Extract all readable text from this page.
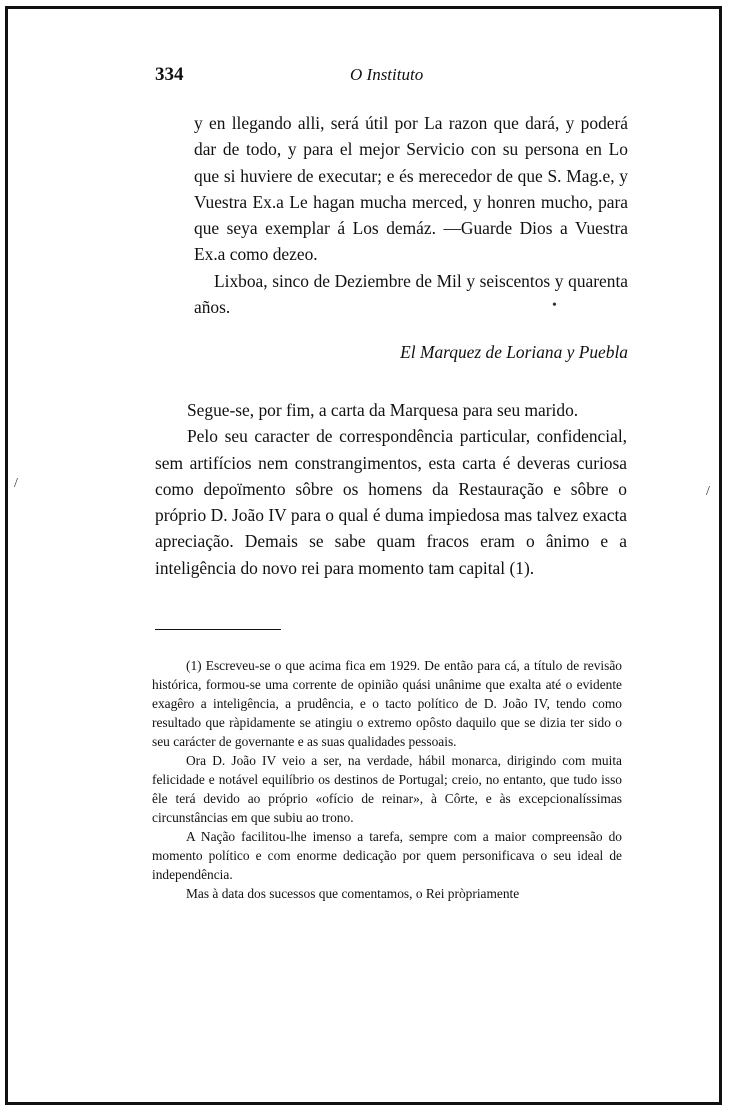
334	O Instituto

y en llegando alli, será útil por La razon que dará, y poderá dar de todo, y para el mejor Servicio con su persona en Lo que si huviere de executar; e és merecedor de que S. Mag.e, y Vuestra Ex.a Le hagan mucha merced, y honren mucho, para que seya exemplar á Los demáz. —Guarde Dios a Vuestra Ex.a como dezeo.

Lixboa, sinco de Deziembre de Mil y seiscentos y quarenta años.

El Marquez de Loriana y Puebla

Segue-se, por fim, a carta da Marquesa para seu marido.

Pelo seu caracter de correspondência particular, confidencial, sem artifícios nem constrangimentos, esta carta é deveras curiosa como depoïmento sôbre os homens da Restauração e sôbre o próprio D. João IV para o qual é duma impiedosa mas talvez exacta apreciação. Demais se sabe quam fracos eram o ânimo e a inteligência do novo rei para momento tam capital (1).

(1) Escreveu-se o que acima fica em 1929. De então para cá, a título de revisão histórica, formou-se uma corrente de opinião quási unânime que exalta até o evidente exagêro a inteligência, a prudência, e o tacto político de D. João IV, tendo como resultado que ràpidamente se atingiu o extremo opôsto daquilo que se dizia ter sido o seu carácter de governante e as suas qualidades pessoais.

Ora D. João IV veio a ser, na verdade, hábil monarca, dirigindo com muita felicidade e notável equilíbrio os destinos de Portugal; creio, no entanto, que tudo isso êle terá devido ao próprio «ofício de reinar», à Côrte, e às excepcionalíssimas circunstâncias em que subiu ao trono.

A Nação facilitou-lhe imenso a tarefa, sempre com a maior compreensão do momento político e com enorme dedicação por quem personificava o seu ideal de independência.

Mas à data dos sucessos que comentamos, o Rei pròpriamente

•
/
/
